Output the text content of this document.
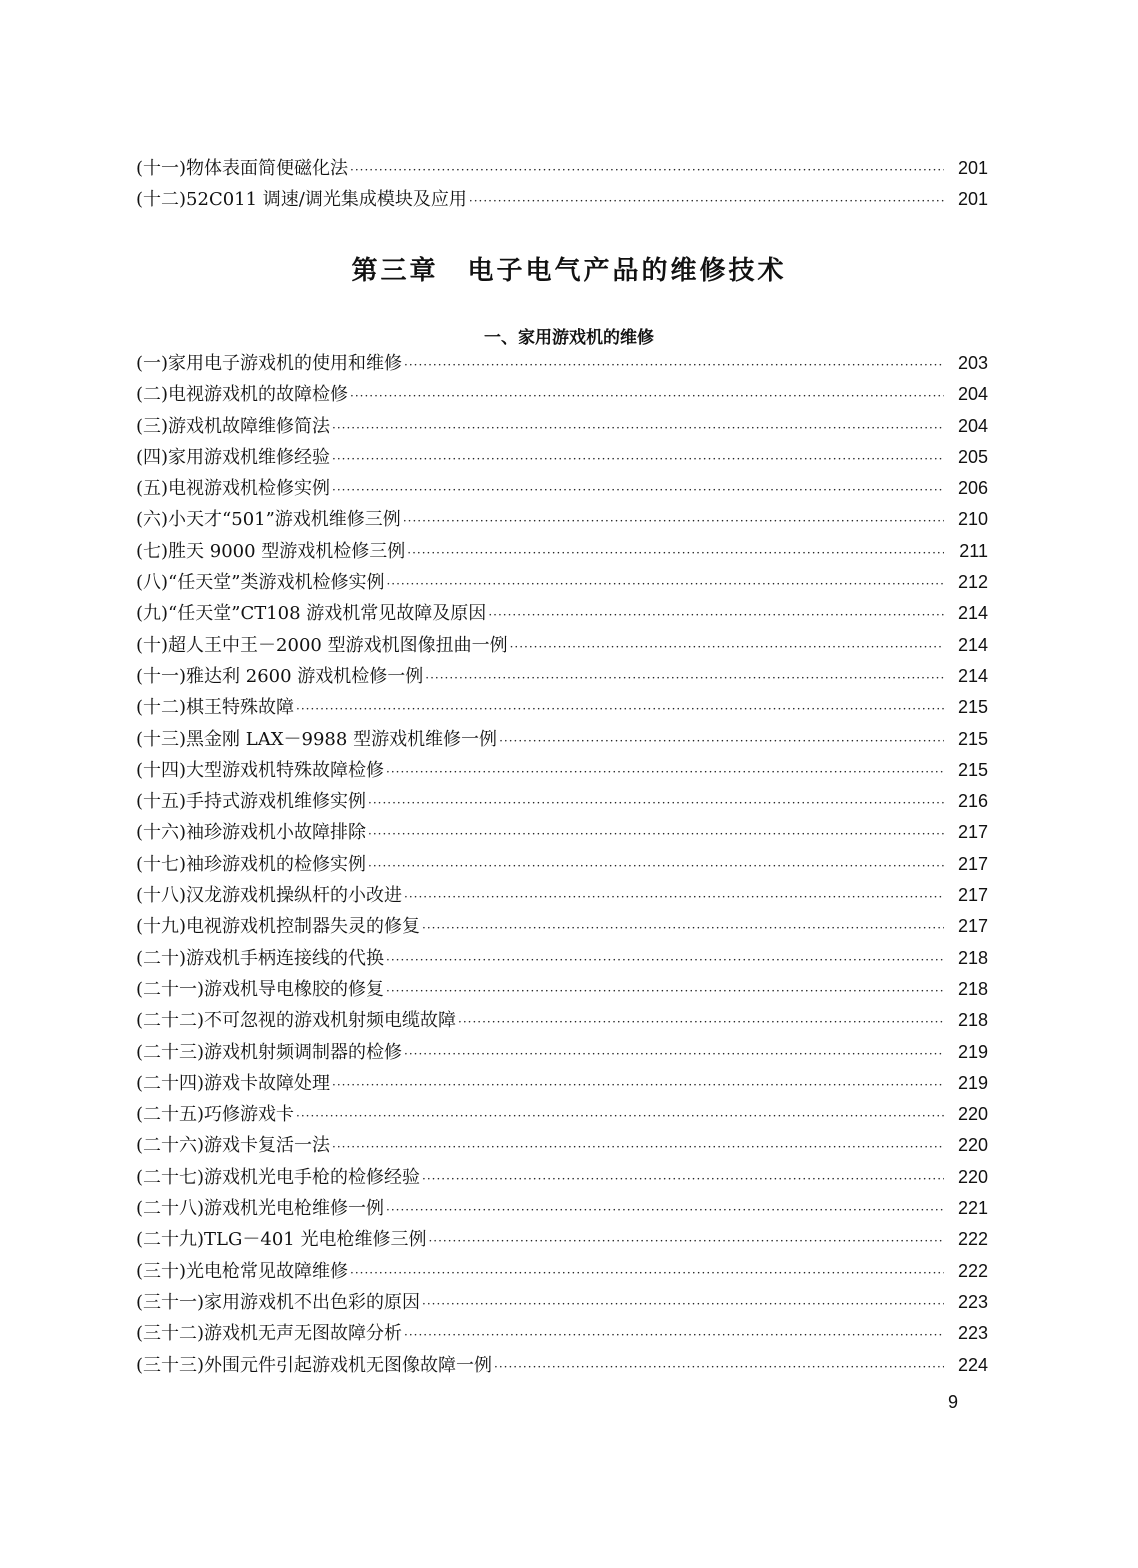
(十一)物体表面简便磁化法 ·····	201
(十二)52C011 调速/调光集成模块及应用 ·····	201
第三章　电子电气产品的维修技术
一、家用游戏机的维修
(一)家用电子游戏机的使用和维修 ·····	203
(二)电视游戏机的故障检修 ·····	204
(三)游戏机故障维修简法 ·····	204
(四)家用游戏机维修经验 ·····	205
(五)电视游戏机检修实例 ·····	206
(六)小天才“501”游戏机维修三例 ·····	210
(七)胜天 9000 型游戏机检修三例 ·····	211
(八)“任天堂”类游戏机检修实例 ·····	212
(九)“任天堂”CT108 游戏机常见故障及原因 ·····	214
(十)超人王中王－2000 型游戏机图像扭曲一例 ·····	214
(十一)雅达利 2600 游戏机检修一例 ·····	214
(十二)棋王特殊故障 ·····	215
(十三)黑金刚 LAX－9988 型游戏机维修一例 ·····	215
(十四)大型游戏机特殊故障检修 ·····	215
(十五)手持式游戏机维修实例 ·····	216
(十六)袖珍游戏机小故障排除 ·····	217
(十七)袖珍游戏机的检修实例 ·····	217
(十八)汉龙游戏机操纵杆的小改进 ·····	217
(十九)电视游戏机控制器失灵的修复 ·····	217
(二十)游戏机手柄连接线的代换 ·····	218
(二十一)游戏机导电橡胶的修复 ·····	218
(二十二)不可忽视的游戏机射频电缆故障 ·····	218
(二十三)游戏机射频调制器的检修 ·····	219
(二十四)游戏卡故障处理 ·····	219
(二十五)巧修游戏卡 ·····	220
(二十六)游戏卡复活一法 ·····	220
(二十七)游戏机光电手枪的检修经验 ·····	220
(二十八)游戏机光电枪维修一例 ·····	221
(二十九)TLG－401 光电枪维修三例 ·····	222
(三十)光电枪常见故障维修 ·····	222
(三十一)家用游戏机不出色彩的原因 ·····	223
(三十二)游戏机无声无图故障分析 ·····	223
(三十三)外围元件引起游戏机无图像故障一例 ·····	224
9
